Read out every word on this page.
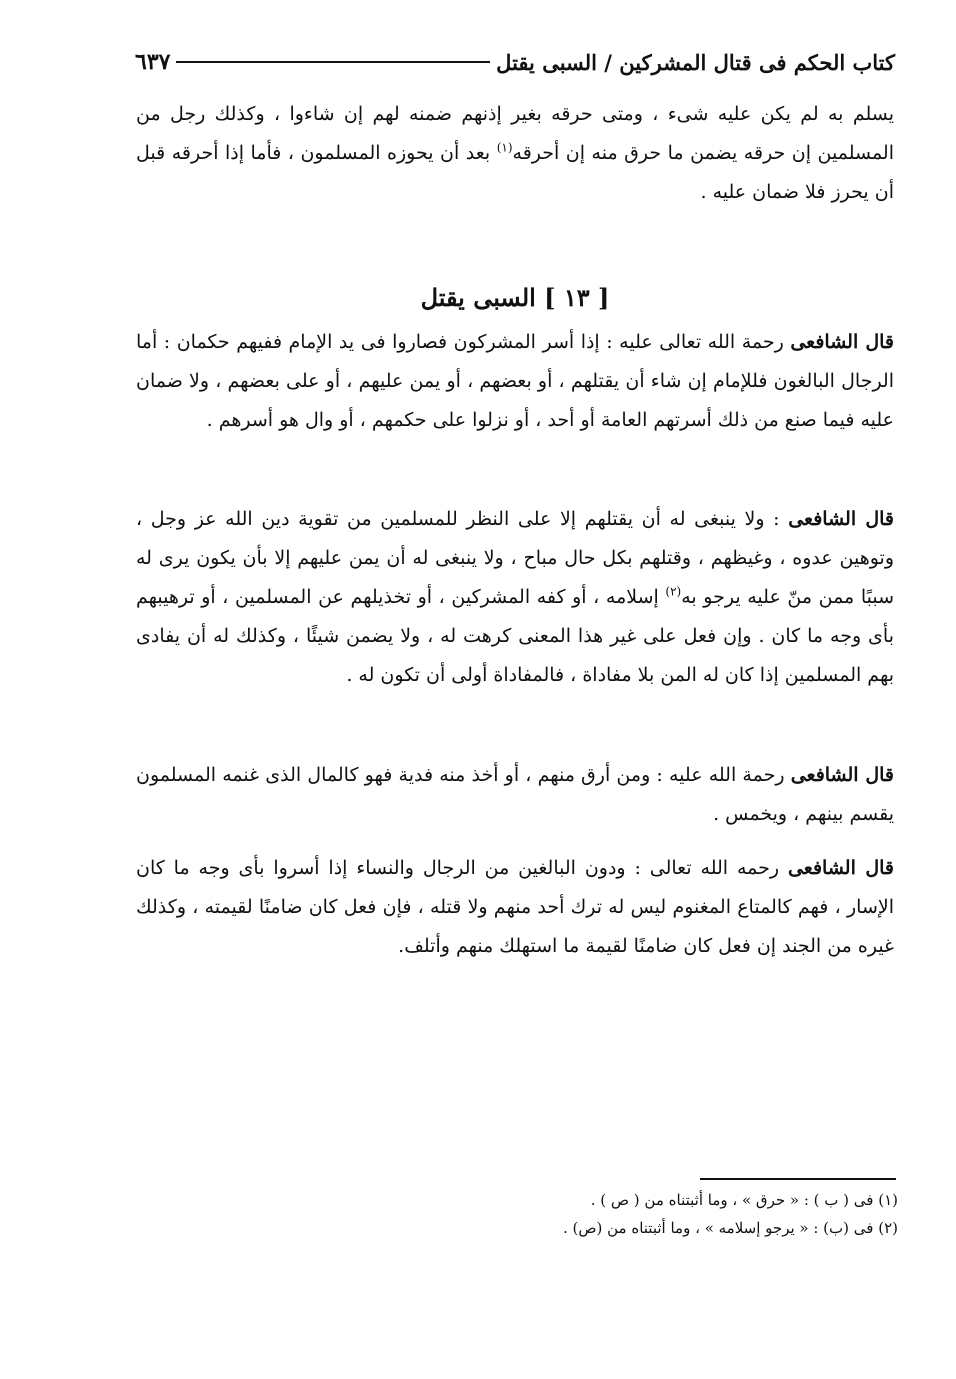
كتاب الحكم فى قتال المشركين / السبى يقتل
٦٣٧

يسلم به لم يكن عليه شىء ، ومتى حرقه بغير إذنهم ضمنه لهم إن شاءوا ، وكذلك رجل من المسلمين إن حرقه يضمن ما حرق منه إن أحرقه$^{(١)}$ بعد أن يحوزه المسلمون ، فأما إذا أحرقه قبل أن يحرز فلا ضمان عليه .

[ ١٣ ] السبى يقتل

قال الشافعى رحمة الله تعالى عليه : إذا أسر المشركون فصاروا فى يد الإمام ففيهم حكمان : أما الرجال البالغون فللإمام إن شاء أن يقتلهم ، أو بعضهم ، أو يمن عليهم ، أو على بعضهم ، ولا ضمان عليه فيما صنع من ذلك أسرتهم العامة أو أحد ، أو نزلوا على حكمهم ، أو وال هو أسرهم .

قال الشافعى : ولا ينبغى له أن يقتلهم إلا على النظر للمسلمين من تقوية دين الله عز وجل ، وتوهين عدوه ، وغيظهم ، وقتلهم بكل حال مباح ، ولا ينبغى له أن يمن عليهم إلا بأن يكون يرى له سببًا ممن منّ عليه يرجو به$^{(٢)}$ إسلامه ، أو كفه المشركين ، أو تخذيلهم عن المسلمين ، أو ترهيبهم بأى وجه ما كان . وإن فعل على غير هذا المعنى كرهت له ، ولا يضمن شيئًا ، وكذلك له أن يفادى بهم المسلمين إذا كان له المن بلا مفاداة ، فالمفاداة أولى أن تكون له .

قال الشافعى رحمة الله عليه : ومن أرق منهم ، أو أخذ منه فدية فهو كالمال الذى غنمه المسلمون يقسم بينهم ، ويخمس .

قال الشافعى رحمه الله تعالى : ودون البالغين من الرجال والنساء إذا أسروا بأى وجه ما كان الإسار ، فهم كالمتاع المغنوم ليس له ترك أحد منهم ولا قتله ، فإن فعل كان ضامنًا لقيمته ، وكذلك غيره من الجند إن فعل كان ضامنًا لقيمة ما استهلك منهم وأتلف.

(١) فى ( ب ) : « حرق » ، وما أثبتناه من ( ص ) .

(٢) فى (ب) : « يرجو إسلامه » ، وما أثبتناه من (ص) .
